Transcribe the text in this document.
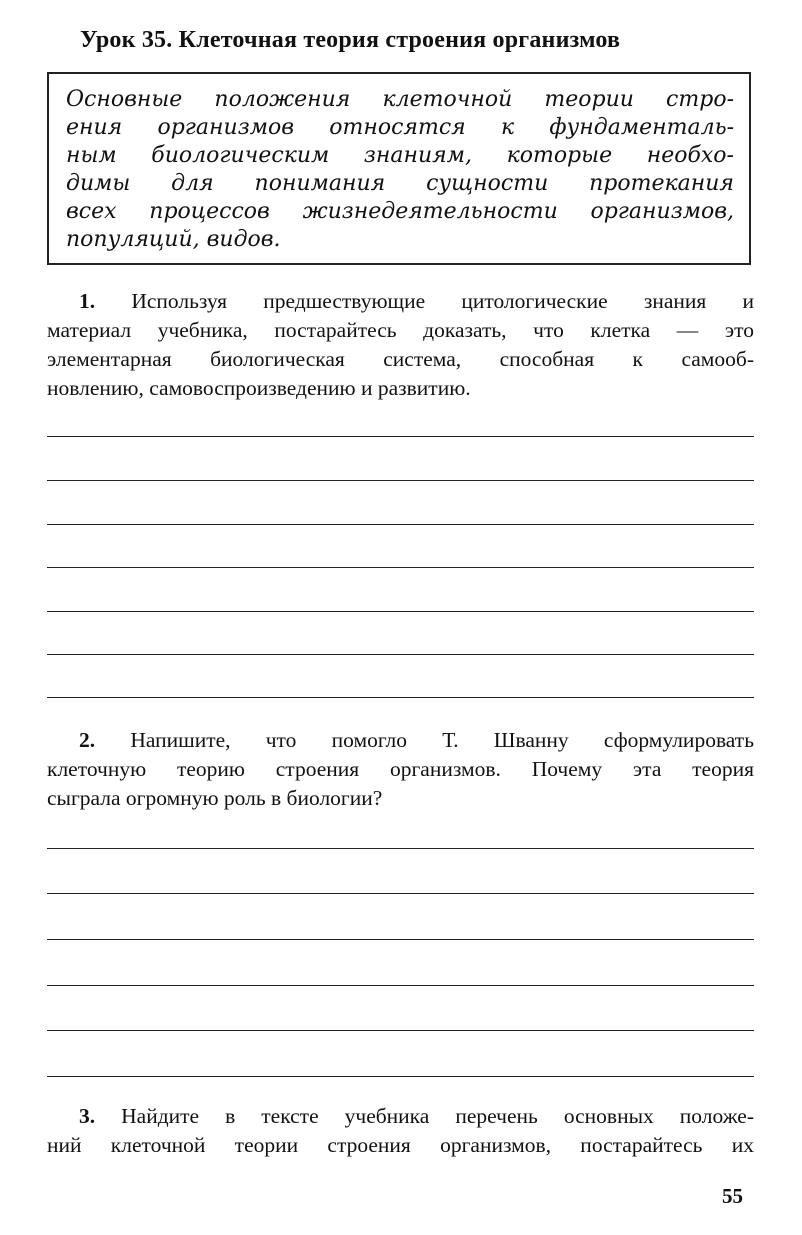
Урок 35. Клеточная теория строения организмов
Основные положения клеточной теории стро-
ения организмов относятся к фундаменталь-
ным биологическим знаниям, которые необхо-
димы для понимания сущности протекания
всех процессов жизнедеятельности организмов,
популяций, видов.
1. Используя предшествующие цитологические знания и
материал учебника, постарайтесь доказать, что клетка — это
элементарная биологическая система, способная к самооб-
новлению, самовоспроизведению и развитию.
2. Напишите, что помогло Т. Шванну сформулировать
клеточную теорию строения организмов. Почему эта теория
сыграла огромную роль в биологии?
3. Найдите в тексте учебника перечень основных положе-
ний клеточной теории строения организмов, постарайтесь их
55
